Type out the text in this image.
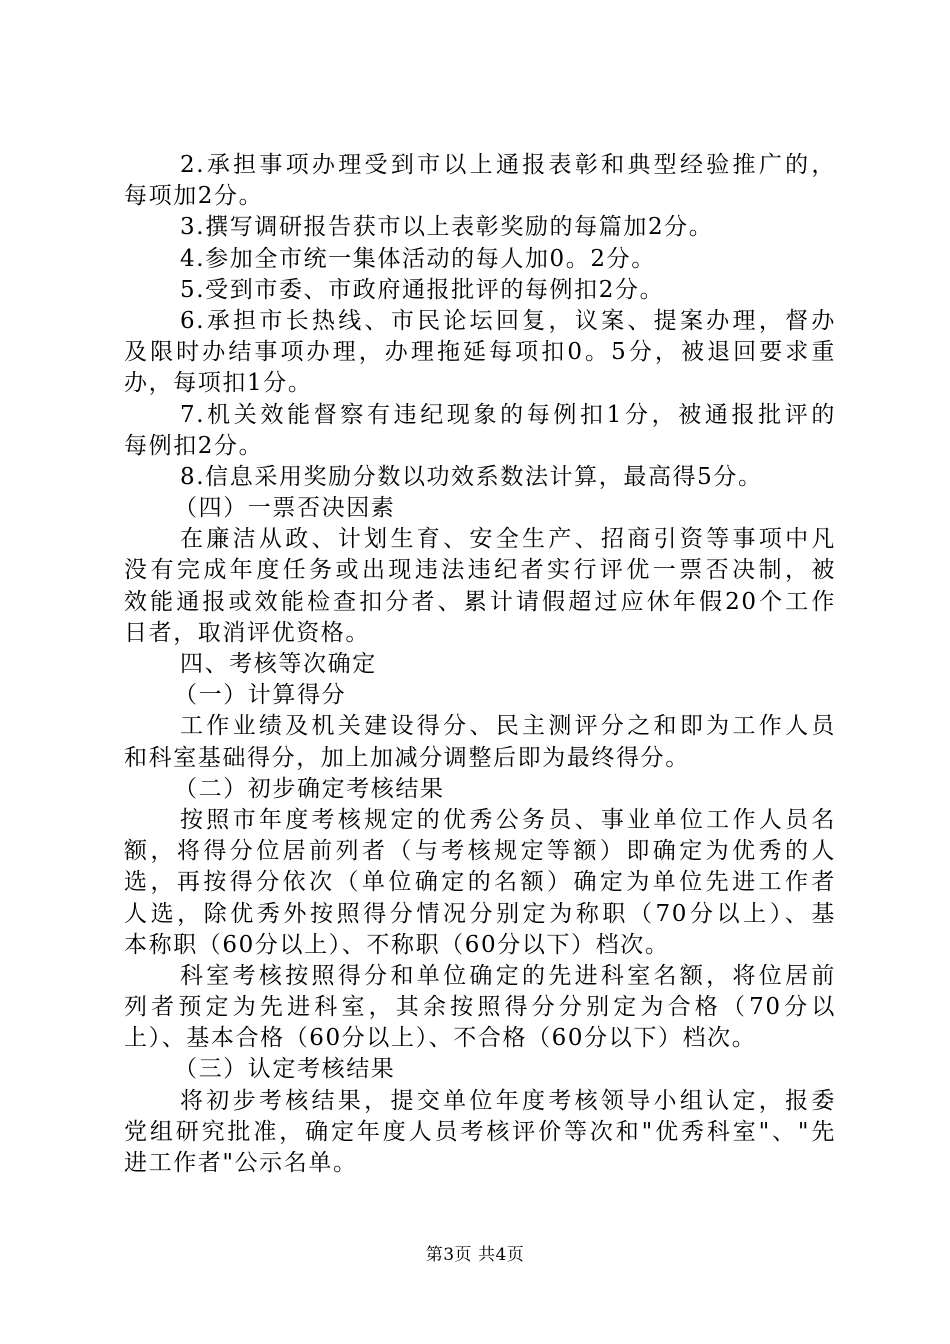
2.承担事项办理受到市以上通报表彰和典型经验推广的，
每项加2分。
3.撰写调研报告获市以上表彰奖励的每篇加2分。
4.参加全市统一集体活动的每人加0。2分。
5.受到市委、市政府通报批评的每例扣2分。
6.承担市长热线、市民论坛回复，议案、提案办理，督办
及限时办结事项办理，办理拖延每项扣0。5分，被退回要求重
办，每项扣1分。
7.机关效能督察有违纪现象的每例扣1分，被通报批评的
每例扣2分。
8.信息采用奖励分数以功效系数法计算，最高得5分。
（四）一票否决因素
在廉洁从政、计划生育、安全生产、招商引资等事项中凡
没有完成年度任务或出现违法违纪者实行评优一票否决制，被
效能通报或效能检查扣分者、累计请假超过应休年假20个工作
日者，取消评优资格。
四、考核等次确定
（一）计算得分
工作业绩及机关建设得分、民主测评分之和即为工作人员
和科室基础得分，加上加减分调整后即为最终得分。
（二）初步确定考核结果
按照市年度考核规定的优秀公务员、事业单位工作人员名
额，将得分位居前列者（与考核规定等额）即确定为优秀的人
选，再按得分依次（单位确定的名额）确定为单位先进工作者
人选，除优秀外按照得分情况分别定为称职（70分以上）、基
本称职（60分以上）、不称职（60分以下）档次。
科室考核按照得分和单位确定的先进科室名额，将位居前
列者预定为先进科室，其余按照得分分别定为合格（70分以
上）、基本合格（60分以上）、不合格（60分以下）档次。
（三）认定考核结果
将初步考核结果，提交单位年度考核领导小组认定，报委
党组研究批准，确定年度人员考核评价等次和"优秀科室"、"先
进工作者"公示名单。
第3页 共4页
